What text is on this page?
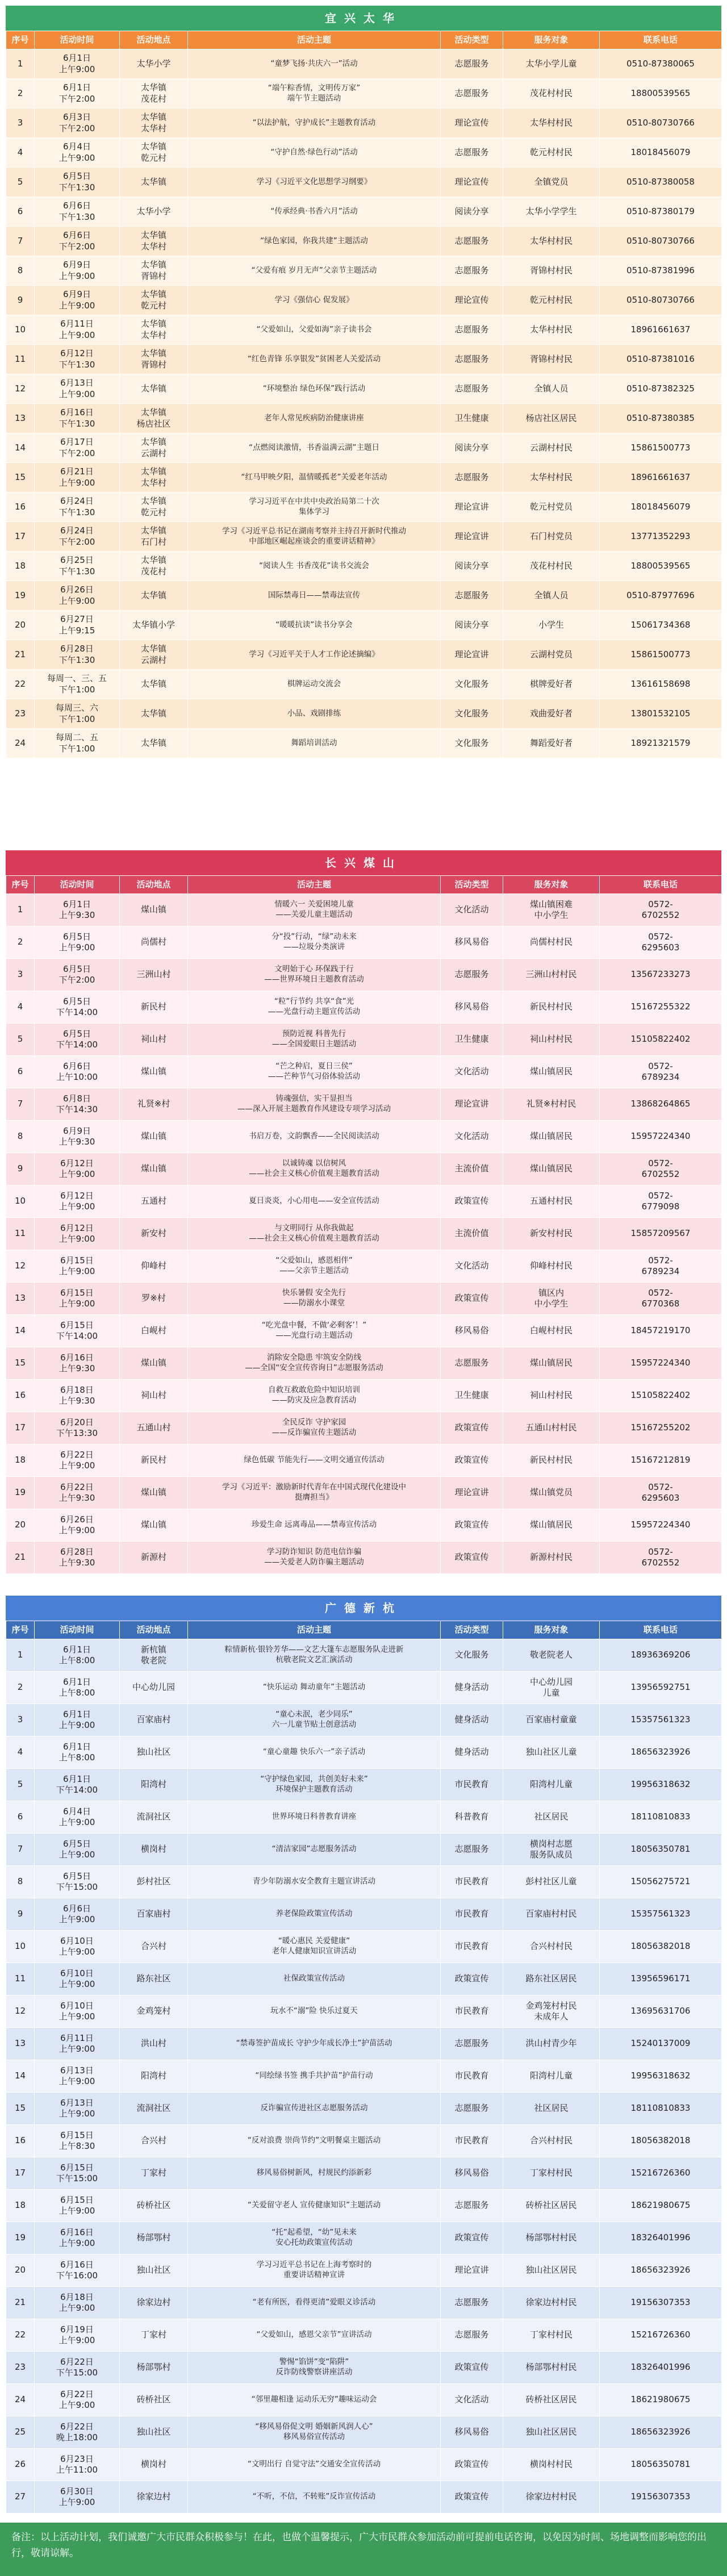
宜兴太华
序号	活动时间	活动地点	活动主题	活动类型	服务对象	联系电话
1	6月1日
上午9:00	太华小学	“童梦飞扬·共庆六一”活动	志愿服务	太华小学儿童	0510-87380065
2	6月1日
下午2:00	太华镇
茂花村	“端午粽香情，文明传万家”
端午节主题活动	志愿服务	茂花村村民	18800539565
3	6月3日
下午2:00	太华镇
太华村	“以法护航，守护成长”主题教育活动	理论宣传	太华村村民	0510-80730766
4	6月4日
上午9:00	太华镇
乾元村	“守护自然·绿色行动”活动	志愿服务	乾元村村民	18018456079
5	6月5日
下午1:30	太华镇	学习《习近平文化思想学习纲要》	理论宣传	全镇党员	0510-87380058
6	6月6日
下午1:30	太华小学	“传承经典·书香六月”活动	阅读分享	太华小学学生	0510-87380179
7	6月6日
下午2:00	太华镇
太华村	“绿色家园，你我共建”主题活动	志愿服务	太华村村民	0510-80730766
8	6月9日
上午9:00	太华镇
胥锦村	“父爱有痕 岁月无声”父亲节主题活动	志愿服务	胥锦村村民	0510-87381996
9	6月9日
上午9:00	太华镇
乾元村	学习《强信心 促发展》	理论宣传	乾元村村民	0510-80730766
10	6月11日
上午9:00	太华镇
太华村	“父爱如山，父爱如海”亲子读书会	志愿服务	太华村村民	18961661637
11	6月12日
下午1:30	太华镇
胥锦村	“红色青锋 乐享银发”贫困老人关爱活动	志愿服务	胥锦村村民	0510-87381016
12	6月13日
上午9:00	太华镇	“环境整治 绿色环保”践行活动	志愿服务	全镇人员	0510-87382325
13	6月16日
下午1:30	太华镇
杨店社区	老年人常见疾病防治健康讲座	卫生健康	杨店社区居民	0510-87380385
14	6月17日
下午2:00	太华镇
云湖村	“点燃阅读激情，书香溢满云湖”主题日	阅读分享	云湖村村民	15861500773
15	6月21日
上午9:00	太华镇
太华村	“红马甲映夕阳，温情暖孤老”关爱老年活动	志愿服务	太华村村民	18961661637
16	6月24日
下午1:30	太华镇
乾元村	学习习近平在中共中央政治局第二十次
集体学习	理论宣讲	乾元村党员	18018456079
17	6月24日
下午2:00	太华镇
石门村	学习《习近平总书记在湖南考察并主持召开新时代推动
中部地区崛起座谈会的重要讲话精神》	理论宣讲	石门村党员	13771352293
18	6月25日
下午1:30	太华镇
茂花村	“阅读人生 书香茂花”读书交流会	阅读分享	茂花村村民	18800539565
19	6月26日
上午9:00	太华镇	国际禁毒日——禁毒法宣传	志愿服务	全镇人员	0510-87977696
20	6月27日
上午9:15	太华镇小学	“暖暖抗读”读书分享会	阅读分享	小学生	15061734368
21	6月28日
下午1:30	太华镇
云湖村	学习《习近平关于人才工作论述摘编》	理论宣讲	云湖村党员	15861500773
22	每周一、三、五
下午1:00	太华镇	棋牌运动交流会	文化服务	棋牌爱好者	13616158698
23	每周三、六
下午1:00	太华镇	小品、戏剧排练	文化服务	戏曲爱好者	13801532105
24	每周二、五
下午1:00	太华镇	舞蹈培训活动	文化服务	舞蹈爱好者	18921321579
长兴煤山
序号	活动时间	活动地点	活动主题	活动类型	服务对象	联系电话
1	6月1日
上午9:30	煤山镇	情暖六一 关爱困境儿童
——关爱儿童主题活动	文化活动	煤山镇困难
中小学生	0572-
6702552
2	6月5日
上午9:00	尚儒村	分“投”行动，“绿”动未来
——垃圾分类演讲	移风易俗	尚儒村村民	0572-
6295603
3	6月5日
下午2:00	三洲山村	文明始于心 环保践于行
——世界环境日主题教育活动	志愿服务	三洲山村村民	13567233273
4	6月5日
下午14:00	新民村	“粒”行节约 共享“食”光
——光盘行动主题宣传活动	移风易俗	新民村村民	15167255322
5	6月5日
下午14:00	祠山村	预防近视 科普先行
——全国爱眼日主题活动	卫生健康	祠山村村民	15105822402
6	6月6日
上午10:00	煤山镇	“芒之种启，夏日三侯”
——芒种节气习俗体验活动	文化活动	煤山镇居民	0572-
6789234
7	6月8日
下午14:30	礼贤※村	铸魂强信，实干显担当
——深入开展主题教育作风建设专项学习活动	理论宣讲	礼贤※村村民	13868264865
8	6月9日
上午9:30	煤山镇	书启万卷，文韵飘香——全民阅读活动	文化活动	煤山镇居民	15957224340
9	6月12日
上午9:00	煤山镇	以诚铸魂 以信树风
——社会主义核心价值观主题教育活动	主流价值	煤山镇居民	0572-
6702552
10	6月12日
上午9:00	五通村	夏日炎炎，小心用电——安全宣传活动	政策宣传	五通村村民	0572-
6779098
11	6月12日
上午9:00	新安村	与文明同行 从你我做起
——社会主义核心价值观主题教育活动	主流价值	新安村村民	15857209567
12	6月15日
上午9:00	仰峰村	“父爱如山，感恩相伴”
——父亲节主题活动	文化活动	仰峰村村民	0572-
6789234
13	6月15日
上午9:00	罗※村	快乐暑假 安全先行
——防溺水小课堂	政策宣传	镇区内
中小学生	0572-
6770368
14	6月15日
下午14:00	白岘村	“吃光盘中餐，不做‘必剩客’！”
——光盘行动主题活动	移风易俗	白岘村村民	18457219170
15	6月16日
上午9:30	煤山镇	消除安全隐患 牢筑安全防线
——全国“安全宣传咨询日”志愿服务活动	志愿服务	煤山镇居民	15957224340
16	6月18日
上午9:30	祠山村	自救互救敢危险中知识培训
——防灾及应急教育活动	卫生健康	祠山村村民	15105822402
17	6月20日
下午13:30	五通山村	全民反诈 守护家园
——反诈骗宣传主题活动	政策宣传	五通山村村民	15167255202
18	6月22日
上午9:00	新民村	绿色低碳 节能先行——文明交通宣传活动	政策宣传	新民村村民	15167212819
19	6月22日
上午9:30	煤山镇	学习《习近平：激励新时代青年在中国式现代化建设中
挺膺担当》	理论宣讲	煤山镇党员	0572-
6295603
20	6月26日
上午9:00	煤山镇	珍爱生命 远离毒品——禁毒宣传活动	政策宣传	煤山镇居民	15957224340
21	6月28日
上午9:30	新源村	学习防诈知识 防范电信诈骗
——关爱老人防诈骗主题活动	政策宣传	新源村村民	0572-
6702552
广德新杭
序号	活动时间	活动地点	活动主题	活动类型	服务对象	联系电话
1	6月1日
上午8:00	新杭镇
敬老院	粽情新杭·银铃芳华——文艺大篷车志愿服务队走进新
杭敬老院文艺汇演活动	文化服务	敬老院老人	18936369206
2	6月1日
上午8:00	中心幼儿园	“快乐运动 舞动童年”主题活动	健身活动	中心幼儿园
儿童	13956592751
3	6月1日
上午9:00	百家庙村	“童心未泯，老少同乐”
六一儿童节贴土创意活动	健身活动	百家庙村童童	15357561323
4	6月1日
上午8:00	独山社区	“童心童趣 快乐六一”亲子活动	健身活动	独山社区儿童	18656323926
5	6月1日
下午14:00	阳湾村	“守护绿色家园，共创美好未来”
环境保护主题教育活动	市民教育	阳湾村儿童	19956318632
6	6月4日
上午9:00	流洞社区	世界环境日科普教育讲座	科普教育	社区居民	18110810833
7	6月5日
上午9:00	横岗村	“清洁家园”志愿服务活动	志愿服务	横岗村志愿
服务队成员	18056350781
8	6月5日
下午15:00	彭村社区	青少年防溺水安全教育主题宣讲活动	市民教育	彭村社区儿童	15056275721
9	6月6日
上午9:00	百家庙村	养老保险政策宣传活动	市民教育	百家庙村村民	15357561323
10	6月10日
上午9:00	合兴村	“暖心惠民 关爱健康”
老年人健康知识宣讲活动	市民教育	合兴村村民	18056382018
11	6月10日
上午9:00	路东社区	社保政策宣传活动	政策宣传	路东社区居民	13956596171
12	6月10日
上午9:00	金鸡笼村	玩水不“溺”险 快乐过夏天	市民教育	金鸡笼村村民
未成年人	13695631706
13	6月11日
上午9:00	洪山村	“禁毒签护苗成长 守护少年成长净土”护苗活动	志愿服务	洪山村青少年	15240137009
14	6月13日
上午9:00	阳湾村	“同绘绿书签 携手共护苗”护苗行动	市民教育	阳湾村儿童	19956318632
15	6月13日
上午9:00	流洞社区	反诈骗宣传进社区志愿服务活动	志愿服务	社区居民	18110810833
16	6月15日
上午8:30	合兴村	“反对浪费 崇尚节约”文明餐桌主题活动	市民教育	合兴村村民	18056382018
17	6月15日
下午15:00	丁家村	移风易俗树新风，村规民约添新彩	移风易俗	丁家村村民	15216726360
18	6月15日
上午9:00	砖桥社区	“关爱留守老人 宣传健康知识”主题活动	志愿服务	砖桥社区居民	18621980675
19	6月16日
上午9:00	杨部鄂村	“托”起希望，“幼”见未来
安心托幼政策宣传活动	政策宣传	杨部鄂村村民	18326401996
20	6月16日
下午16:00	独山社区	学习习近平总书记在上海考察时的
重要讲话精神宣讲	理论宣讲	独山社区居民	18656323926
21	6月18日
上午9:00	徐家边村	“老有所医，看得更清”爱眼义诊活动	志愿服务	徐家边村村民	19156307353
22	6月19日
上午9:00	丁家村	“父爱如山，感恩父亲节”宣讲活动	志愿服务	丁家村村民	15216726360
23	6月22日
下午15:00	杨部鄂村	警惕“馅饼”变“陷阱”
反诈防线警察讲座活动	政策宣传	杨部鄂村村民	18326401996
24	6月22日
上午9:00	砖桥社区	“邻里趣相逢 运动乐无穷”趣味运动会	文化活动	砖桥社区居民	18621980675
25	6月22日
晚上18:00	独山社区	“移风易俗促文明 婚姻新风润人心”
移风易俗宣传活动	移风易俗	独山社区居民	18656323926
26	6月23日
上午11:00	横岗村	“文明出行 自觉守法”交通安全宣传活动	政策宣传	横岗村村民	18056350781
27	6月30日
上午9:00	徐家边村	“不听，不信，不转账”反诈宣传活动	政策宣传	徐家边村村民	19156307353
备注：以上活动计划，我们诚邀广大市民群众积极参与！在此，也做个温馨提示，广大市民群众参加活动前可提前电话咨询，以免因为时间、场地调整而影响您的出行，敬请谅解。
